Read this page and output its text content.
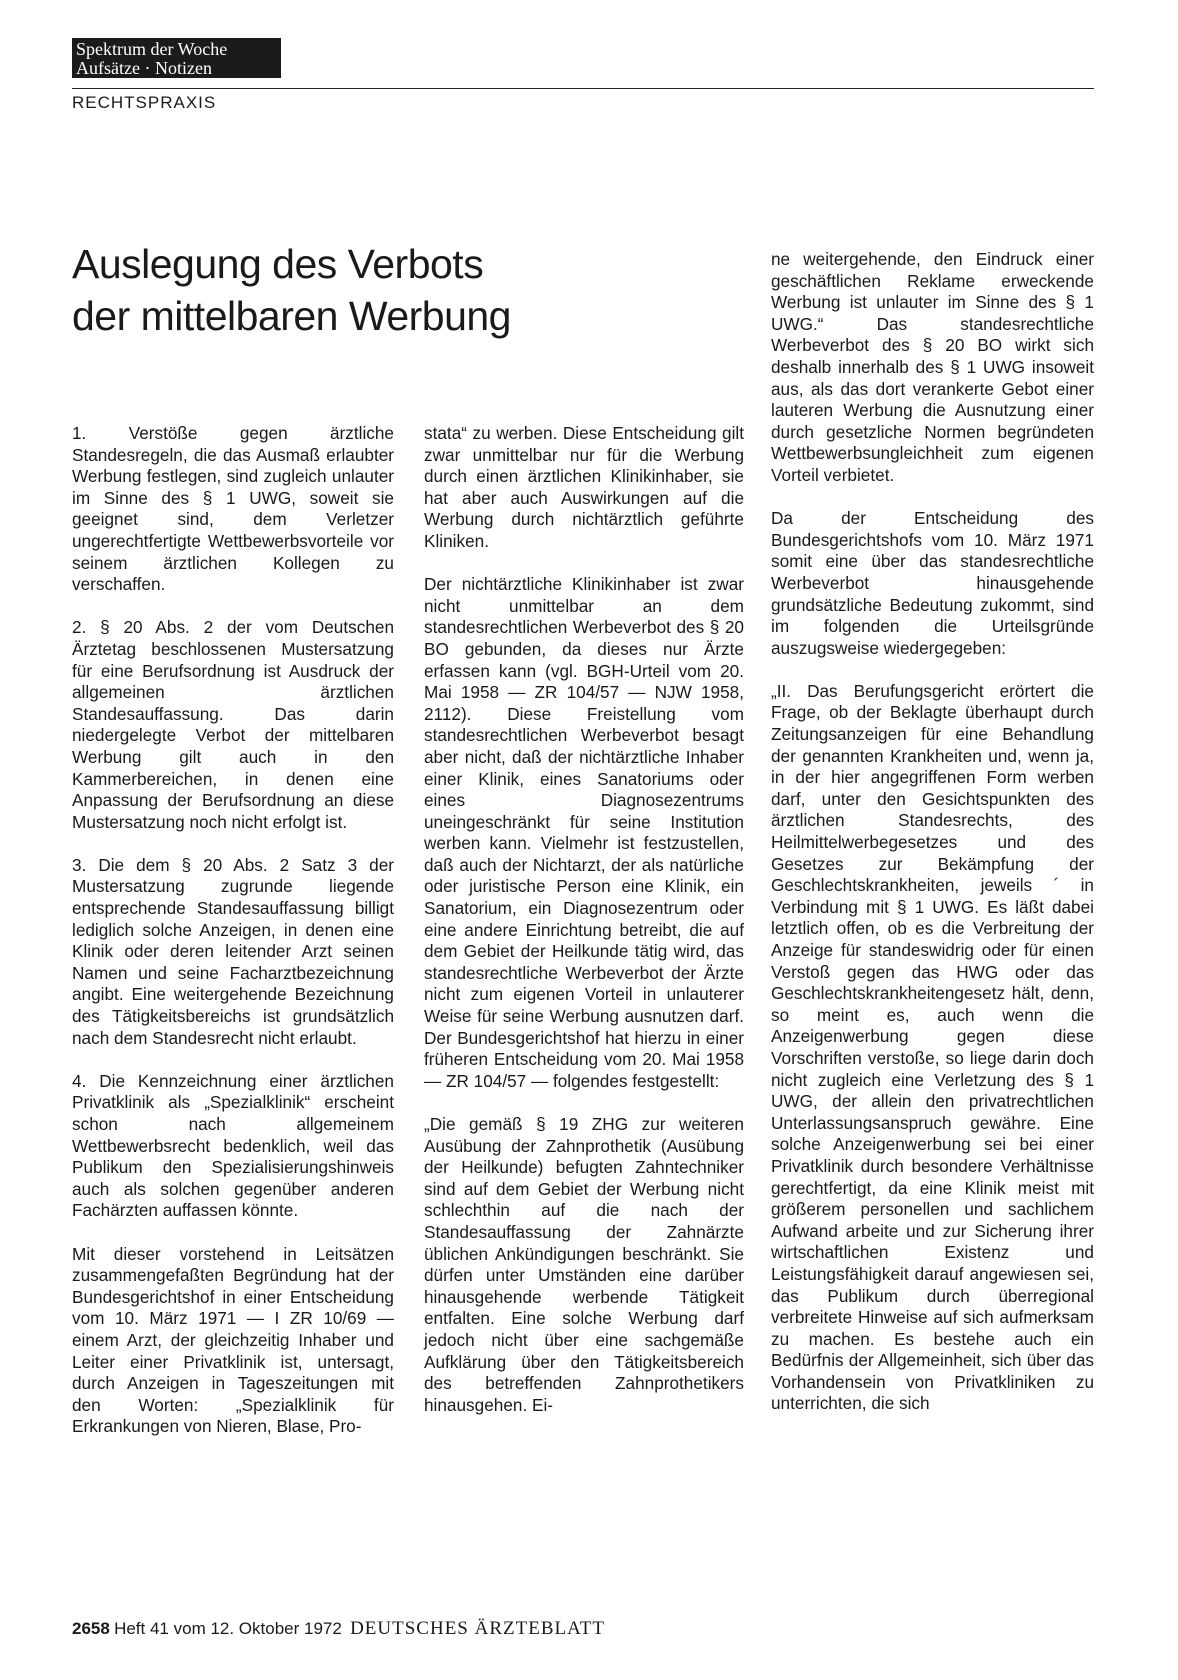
Spektrum der Woche
Aufsätze · Notizen
RECHTSPRAXIS
Auslegung des Verbots
der mittelbaren Werbung

1. Verstöße gegen ärztliche Standesregeln, die das Ausmaß erlaubter Werbung festlegen, sind zugleich unlauter im Sinne des § 1 UWG, soweit sie geeignet sind, dem Verletzer ungerechtfertigte Wettbewerbsvorteile vor seinem ärztlichen Kollegen zu verschaffen.

2. § 20 Abs. 2 der vom Deutschen Ärztetag beschlossenen Mustersatzung für eine Berufsordnung ist Ausdruck der allgemeinen ärztlichen Standesauffassung. Das darin niedergelegte Verbot der mittelbaren Werbung gilt auch in den Kammerbereichen, in denen eine Anpassung der Berufsordnung an diese Mustersatzung noch nicht erfolgt ist.

3. Die dem § 20 Abs. 2 Satz 3 der Mustersatzung zugrunde liegende entsprechende Standesauffassung billigt lediglich solche Anzeigen, in denen eine Klinik oder deren leitender Arzt seinen Namen und seine Facharztbezeichnung angibt. Eine weitergehende Bezeichnung des Tätigkeitsbereichs ist grundsätzlich nach dem Standesrecht nicht erlaubt.

4. Die Kennzeichnung einer ärztlichen Privatklinik als „Spezialklinik“ erscheint schon nach allgemeinem Wettbewerbsrecht bedenklich, weil das Publikum den Spezialisierungshinweis auch als solchen gegenüber anderen Fachärzten auffassen könnte.

Mit dieser vorstehend in Leitsätzen zusammengefaßten Begründung hat der Bundesgerichtshof in einer Entscheidung vom 10. März 1971 — I ZR 10/69 — einem Arzt, der gleichzeitig Inhaber und Leiter einer Privatklinik ist, untersagt, durch Anzeigen in Tageszeitungen mit den Worten: „Spezialklinik für Erkrankungen von Nieren, Blase, Pro-

stata“ zu werben. Diese Entscheidung gilt zwar unmittelbar nur für die Werbung durch einen ärztlichen Klinikinhaber, sie hat aber auch Auswirkungen auf die Werbung durch nichtärztlich geführte Kliniken.

Der nichtärztliche Klinikinhaber ist zwar nicht unmittelbar an dem standesrechtlichen Werbeverbot des § 20 BO gebunden, da dieses nur Ärzte erfassen kann (vgl. BGH-Urteil vom 20. Mai 1958 — ZR 104/57 — NJW 1958, 2112). Diese Freistellung vom standesrechtlichen Werbeverbot besagt aber nicht, daß der nichtärztliche Inhaber einer Klinik, eines Sanatoriums oder eines Diagnosezentrums uneingeschränkt für seine Institution werben kann. Vielmehr ist festzustellen, daß auch der Nichtarzt, der als natürliche oder juristische Person eine Klinik, ein Sanatorium, ein Diagnosezentrum oder eine andere Einrichtung betreibt, die auf dem Gebiet der Heilkunde tätig wird, das standesrechtliche Werbeverbot der Ärzte nicht zum eigenen Vorteil in unlauterer Weise für seine Werbung ausnutzen darf. Der Bundesgerichtshof hat hierzu in einer früheren Entscheidung vom 20. Mai 1958 — ZR 104/57 — folgendes festgestellt:

„Die gemäß § 19 ZHG zur weiteren Ausübung der Zahnprothetik (Ausübung der Heilkunde) befugten Zahntechniker sind auf dem Gebiet der Werbung nicht schlechthin auf die nach der Standesauffassung der Zahnärzte üblichen Ankündigungen beschränkt. Sie dürfen unter Umständen eine darüber hinausgehende werbende Tätigkeit entfalten. Eine solche Werbung darf jedoch nicht über eine sachgemäße Aufklärung über den Tätigkeitsbereich des betreffenden Zahnprothetikers hinausgehen. Ei-

ne weitergehende, den Eindruck einer geschäftlichen Reklame erweckende Werbung ist unlauter im Sinne des § 1 UWG.“ Das standesrechtliche Werbeverbot des § 20 BO wirkt sich deshalb innerhalb des § 1 UWG insoweit aus, als das dort verankerte Gebot einer lauteren Werbung die Ausnutzung einer durch gesetzliche Normen begründeten Wettbewerbsungleichheit zum eigenen Vorteil verbietet.

Da der Entscheidung des Bundesgerichtshofs vom 10. März 1971 somit eine über das standesrechtliche Werbeverbot hinausgehende grundsätzliche Bedeutung zukommt, sind im folgenden die Urteilsgründe auszugsweise wiedergegeben:

„II. Das Berufungsgericht erörtert die Frage, ob der Beklagte überhaupt durch Zeitungsanzeigen für eine Behandlung der genannten Krankheiten und, wenn ja, in der hier angegriffenen Form werben darf, unter den Gesichtspunkten des ärztlichen Standesrechts, des Heilmittelwerbegesetzes und des Gesetzes zur Bekämpfung der Geschlechtskrankheiten, jeweils ´ in Verbindung mit § 1 UWG. Es läßt dabei letztlich offen, ob es die Verbreitung der Anzeige für standeswidrig oder für einen Verstoß gegen das HWG oder das Geschlechtskrankheitengesetz hält, denn, so meint es, auch wenn die Anzeigenwerbung gegen diese Vorschriften verstoße, so liege darin doch nicht zugleich eine Verletzung des § 1 UWG, der allein den privatrechtlichen Unterlassungsanspruch gewähre. Eine solche Anzeigenwerbung sei bei einer Privatklinik durch besondere Verhältnisse gerechtfertigt, da eine Klinik meist mit größerem personellen und sachlichem Aufwand arbeite und zur Sicherung ihrer wirtschaftlichen Existenz und Leistungsfähigkeit darauf angewiesen sei, das Publikum durch überregional verbreitete Hinweise auf sich aufmerksam zu machen. Es bestehe auch ein Bedürfnis der Allgemeinheit, sich über das Vorhandensein von Privatkliniken zu unterrichten, die sich

2658 Heft 41 vom 12. Oktober 1972 DEUTSCHES ÄRZTEBLATT
